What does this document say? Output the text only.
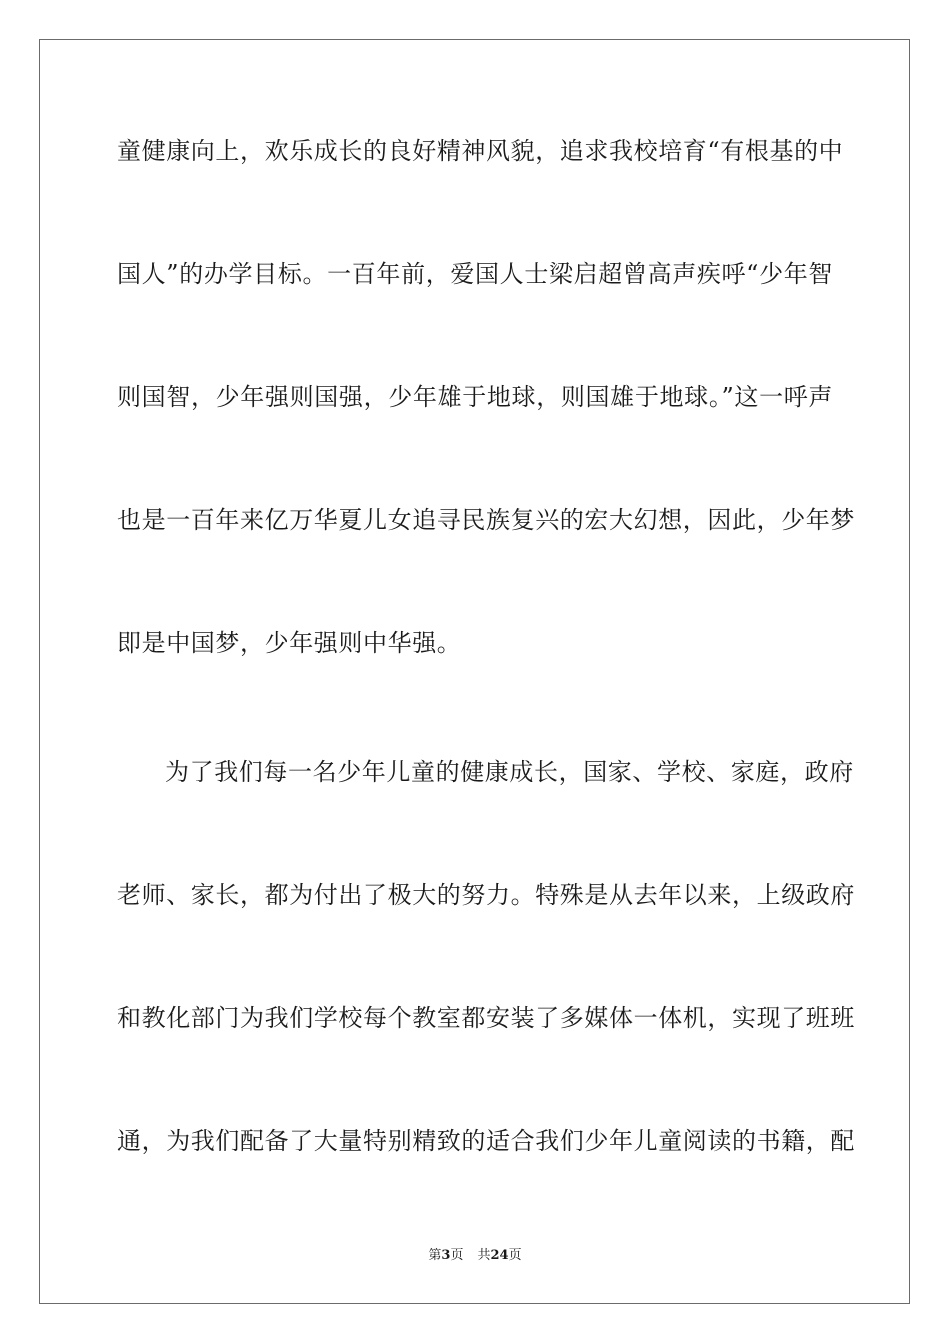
童健康向上，欢乐成长的良好精神风貌，追求我校培育“有根基的中
国人”的办学目标。一百年前，爱国人士梁启超曾高声疾呼“少年智
则国智，少年强则国强，少年雄于地球，则国雄于地球。”这一呼声
也是一百年来亿万华夏儿女追寻民族复兴的宏大幻想，因此，少年梦
即是中国梦，少年强则中华强。
为了我们每一名少年儿童的健康成长，国家、学校、家庭，政府
老师、家长，都为付出了极大的努力。特殊是从去年以来，上级政府
和教化部门为我们学校每个教室都安装了多媒体一体机，实现了班班
通，为我们配备了大量特别精致的适合我们少年儿童阅读的书籍，配
第3页 共24页
